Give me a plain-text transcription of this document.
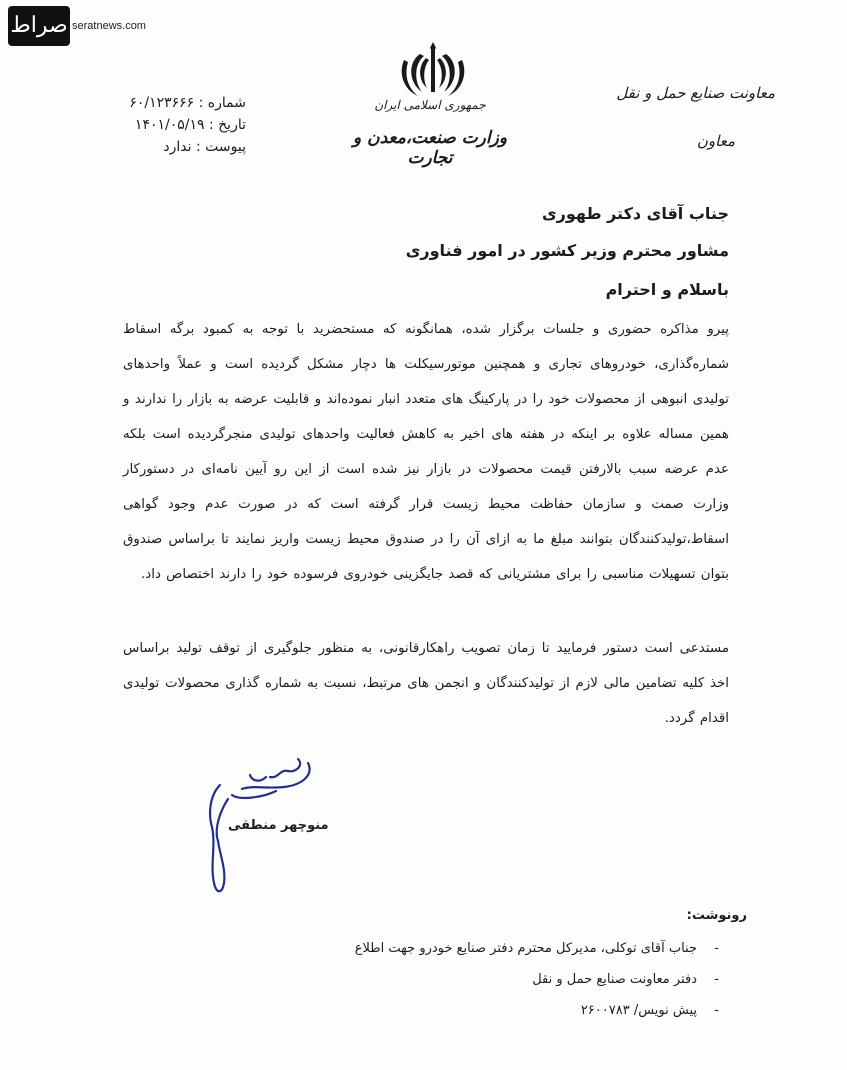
صراط seratnews.com
جمهوری اسلامی ایران
وزارت صنعت،معدن و تجارت
معاونت صنایع حمل و نقل
معاون
شماره : ۶۰/۱۲۳۶۶۶
تاریخ : ۱۴۰۱/۰۵/۱۹
پیوست : ندارد
جناب آقای دکتر طهوری
مشاور محترم وزیر کشور در امور فناوری
باسلام و احترام
پیرو مذاکره حضوری و جلسات برگزار شده، همانگونه که مستحضرید با توجه به کمبود برگه اسقاط شماره‌گذاری، خودروهای تجاری و همچنین موتورسیکلت ها دچار مشکل گردیده است و عملاً واحدهای تولیدی انبوهی از محصولات خود را در پارکینگ های متعدد انبار نموده‌اند و قابلیت عرضه به بازار را ندارند و همین مساله علاوه بر اینکه در هفته های اخیر به کاهش فعالیت واحدهای تولیدی منجرگردیده است بلکه عدم عرضه سبب بالارفتن قیمت محصولات در بازار نیز شده است از این رو آیین نامه‌ای در دستورکار وزارت صمت و سازمان حفاظت محیط زیست قرار گرفته است که در صورت عدم وجود گواهی اسقاط،تولیدکنندگان بتوانند مبلغ ما به ازای آن را در صندوق محیط زیست واریز نمایند تا براساس صندوق بتوان تسهیلات مناسبی را برای مشتریانی که قصد جایگزینی خودروی فرسوده خود را دارند اختصاص داد.
مستدعی است دستور فرمایید تا زمان تصویب راهکارقانونی، به منظور جلوگیری از توقف تولید براساس اخذ کلیه تضامین مالی لازم از تولیدکنندگان و انجمن های مرتبط، نسبت به شماره گذاری محصولات تولیدی اقدام گردد.
منوچهر منطقی
رونوشت:
- جناب آقای توکلی، مدیرکل محترم دفتر صنایع خودرو جهت اطلاع
- دفتر معاونت صنایع حمل و نقل
- پیش نویس/ ۲۶۰۰۷۸۳
